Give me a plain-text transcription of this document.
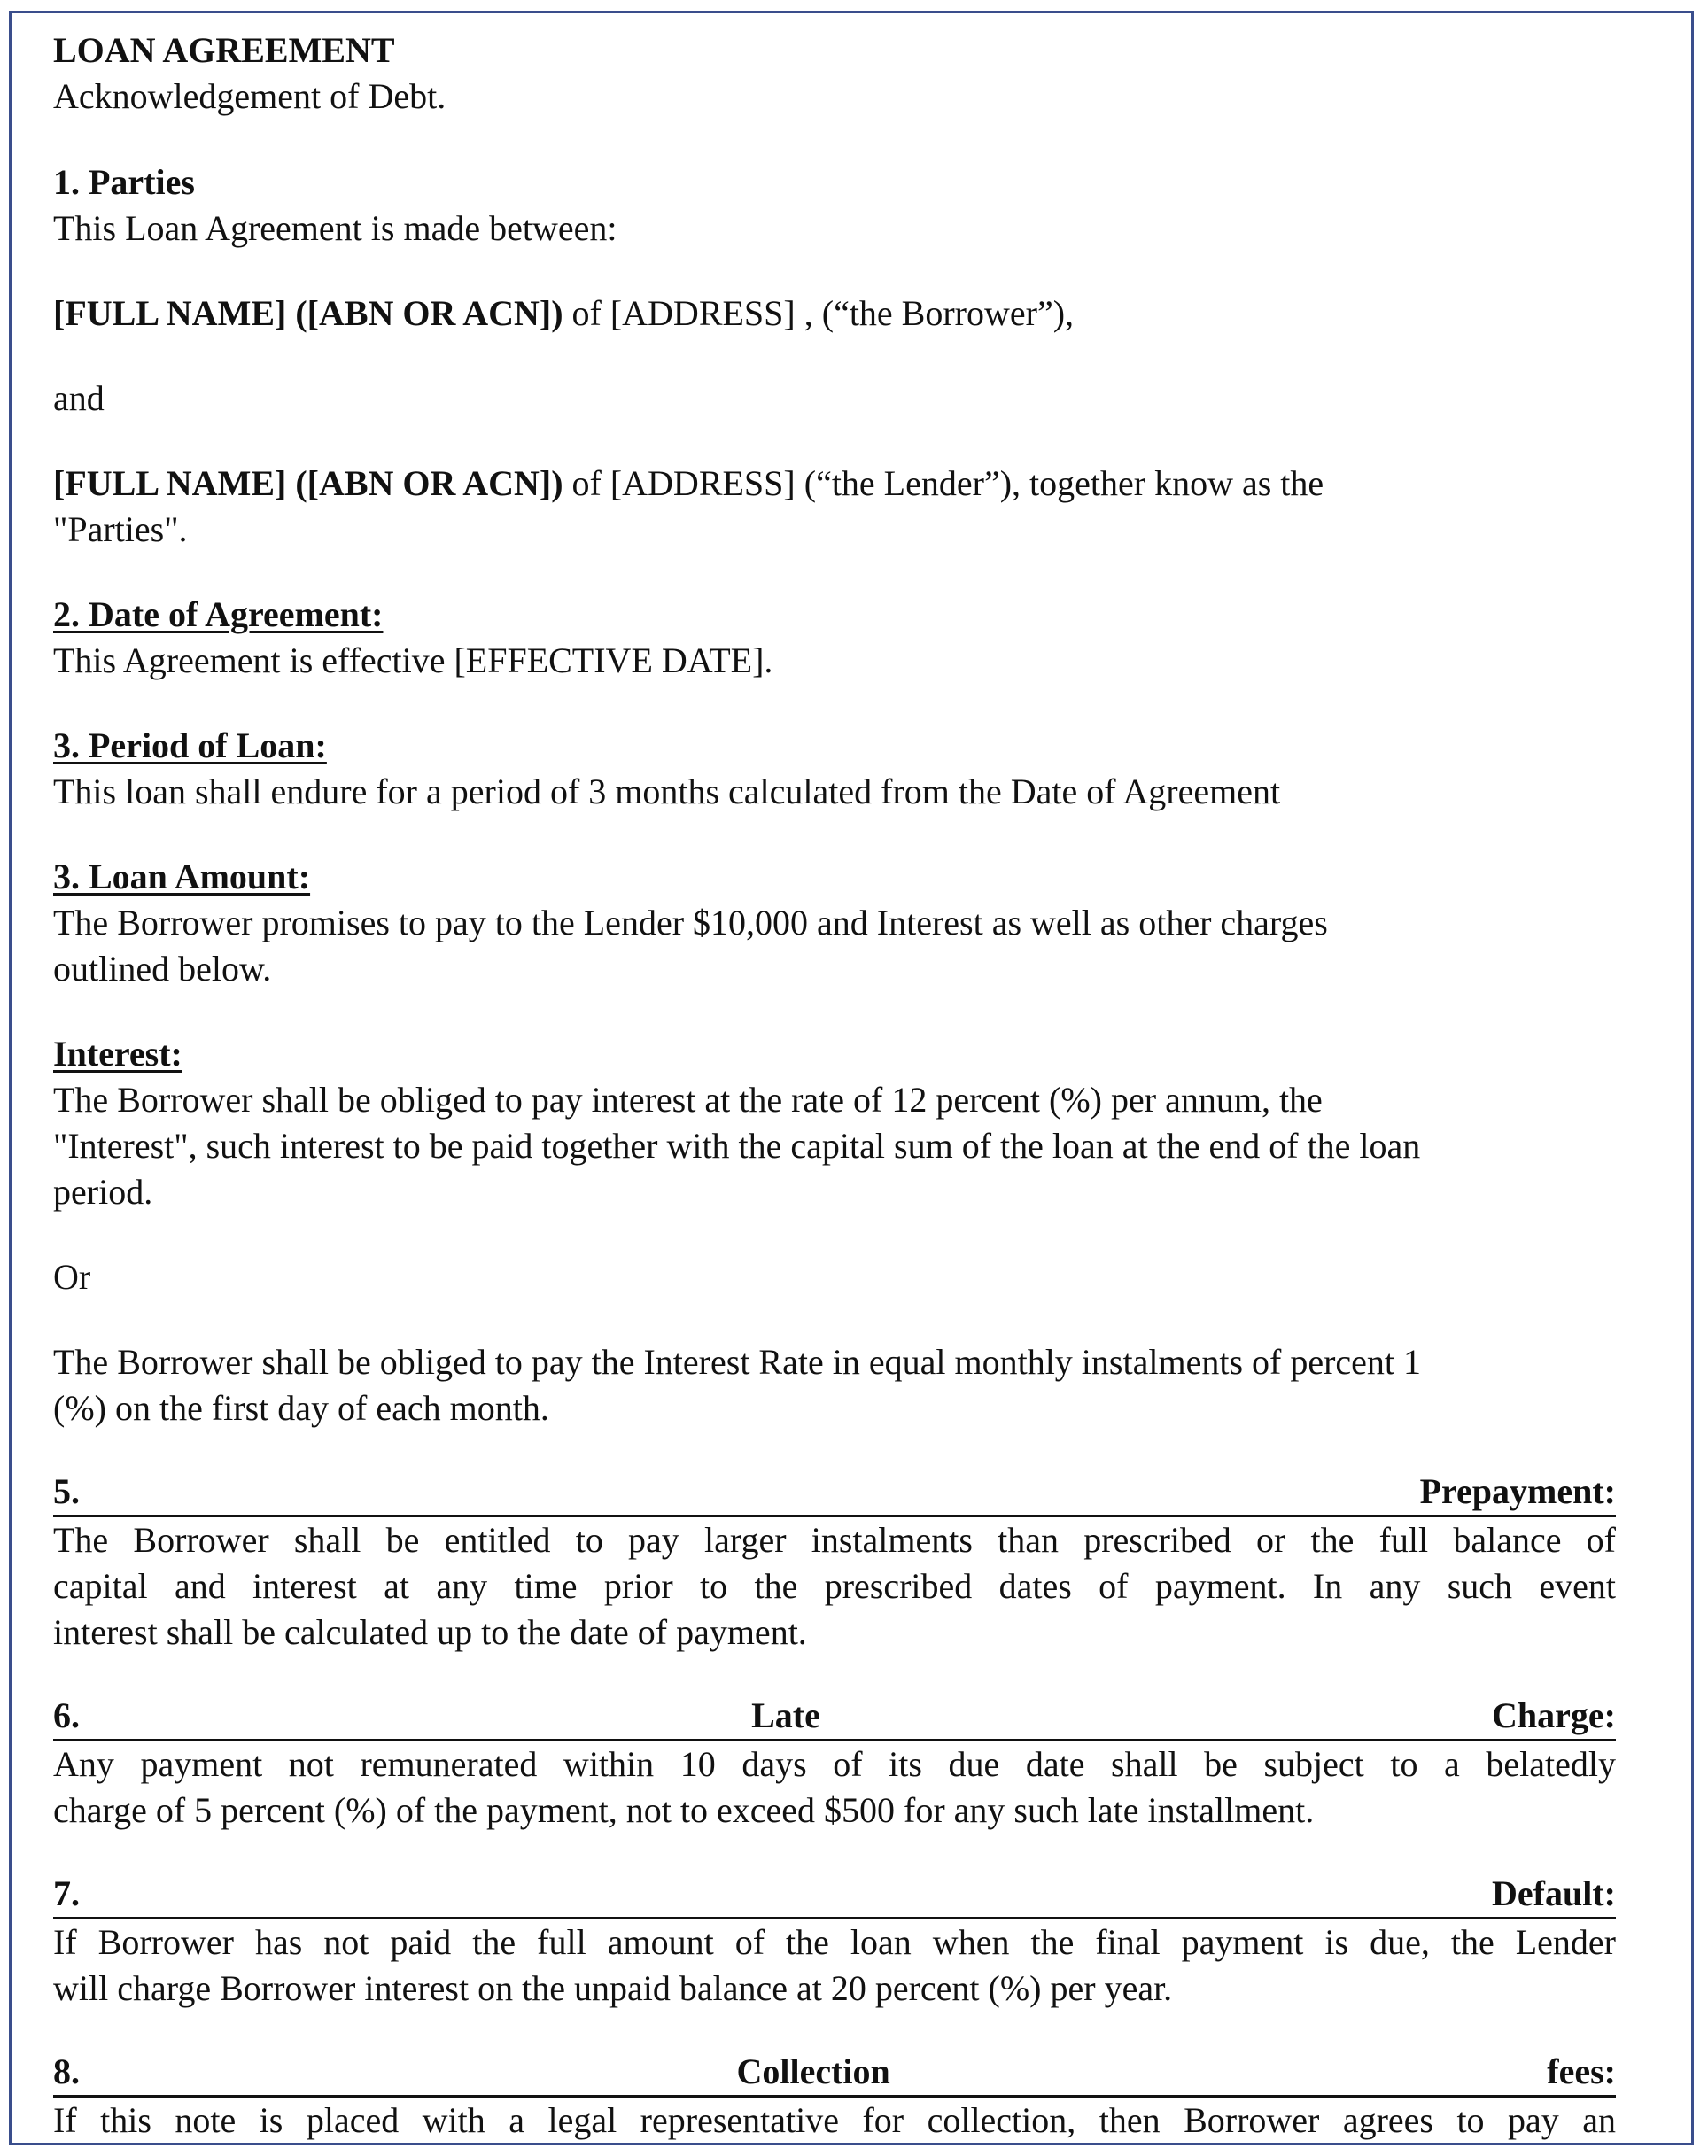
LOAN AGREEMENT

Acknowledgement of Debt.

1. Parties

This Loan Agreement is made between:

[FULL NAME] ([ABN OR ACN]) of [ADDRESS] , (“the Borrower”),

and

[FULL NAME] ([ABN OR ACN]) of [ADDRESS] (“the Lender”), together know as the

"Parties".

2. Date of Agreement:

This Agreement is effective [EFFECTIVE DATE].

3. Period of Loan:

This loan shall endure for a period of 3 months calculated from the Date of Agreement

3. Loan Amount:

The Borrower promises to pay to the Lender $10,000 and Interest as well as other charges

outlined below.

Interest:

The Borrower shall be obliged to pay interest at the rate of 12 percent (%) per annum, the

"Interest", such interest to be paid together with the capital sum of the loan at the end of the loan

period.

Or

The Borrower shall be obliged to pay the Interest Rate in equal monthly instalments of percent 1

(%) on the first day of each month.

5.	Prepayment:

The Borrower shall be entitled to pay larger instalments than prescribed or the full balance of

capital and interest at any time prior to the prescribed dates of payment. In any such event

interest shall be calculated up to the date of payment.

6.	Late	Charge:

Any payment not remunerated within 10 days of its due date shall be subject to a belatedly

charge of 5 percent (%) of the payment, not to exceed $500 for any such late installment.

7.	Default:

If Borrower has not paid the full amount of the loan when the final payment is due, the Lender

will charge Borrower interest on the unpaid balance at 20 percent (%) per year.

8.	Collection	fees:

If this note is placed with a legal representative for collection, then Borrower agrees to pay an
